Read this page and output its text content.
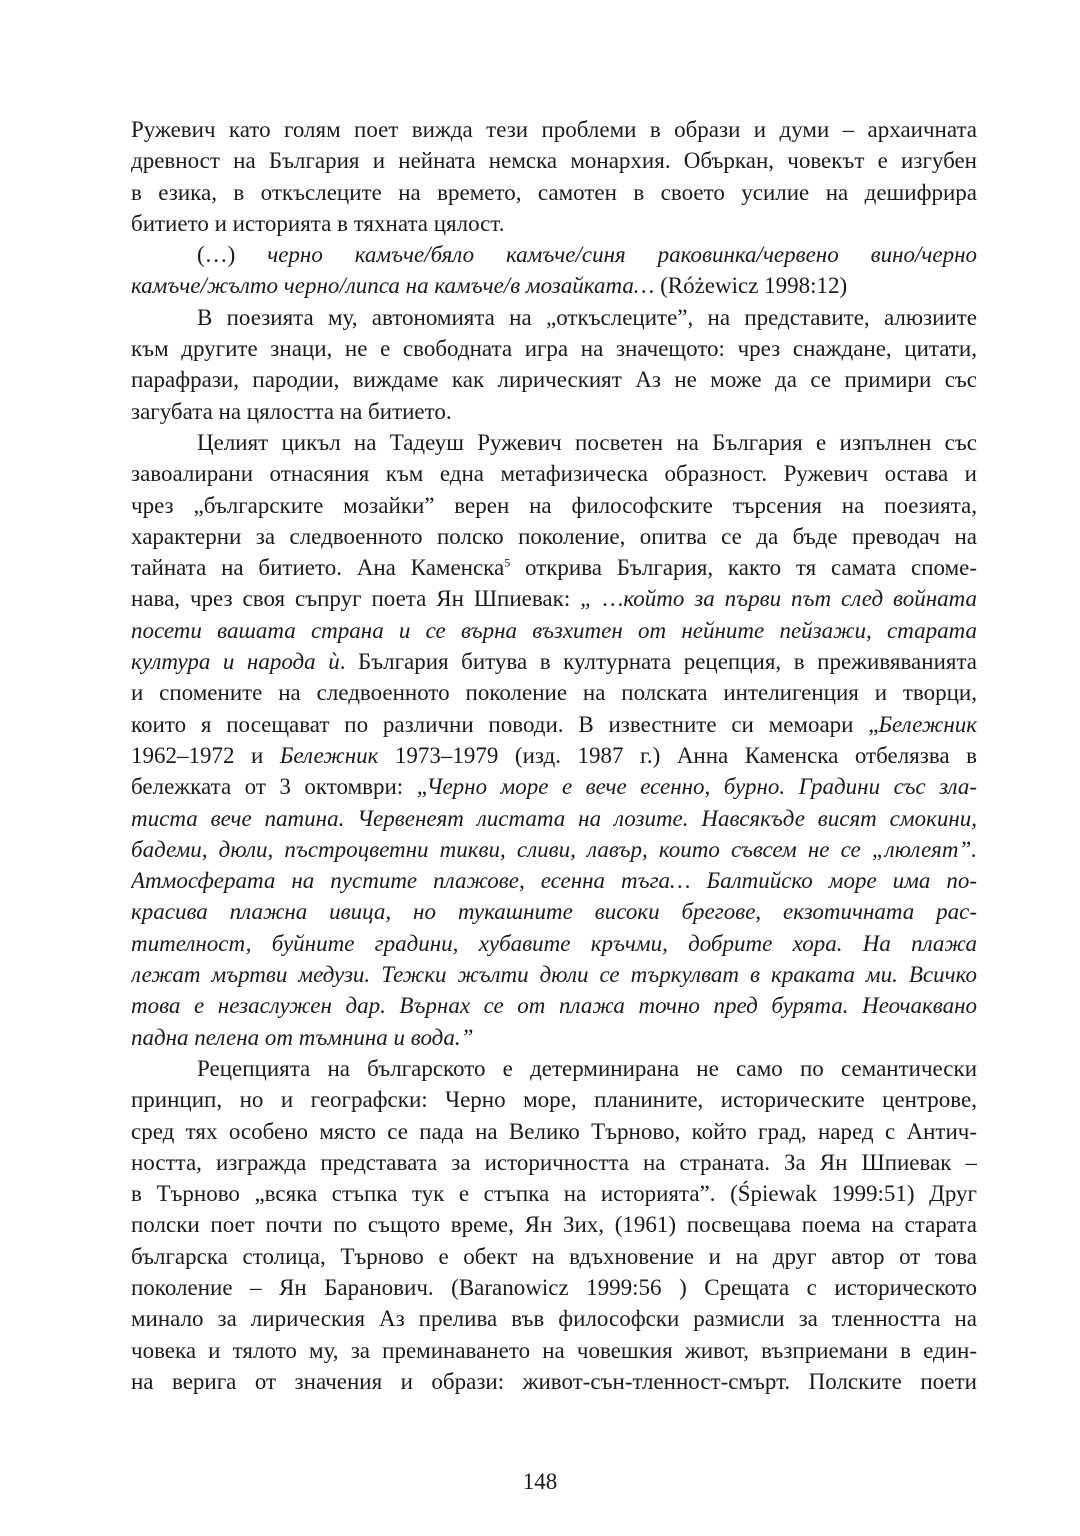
Ружевич като голям поет вижда тези проблеми в образи и думи – архаичната
древност на България и нейната немска монархия. Объркан, човекът е изгубен
в езика, в откъслеците на времето, самотен в своето усилие на дешифрира
битието и историята в тяхната цялост.
(…) черно камъче/бяло камъче/синя раковинка/червено вино/черно
камъче/жълто черно/липса на камъче/в мозайката… (Różewicz 1998:12)
В поезията му, автономията на „откъслеците”, на представите, алюзиите
към другите знаци, не е свободната игра на значещото: чрез снаждане, цитати,
парафрази, пародии, виждаме как лирическият Аз не може да се примири със
загубата на цялостта на битието.
Целият цикъл на Тадеуш Ружевич посветен на България е изпълнен със
завоалирани отнасяния към една метафизическа образност. Ружевич остава и
чрез „българските мозайки” верен на философските търсения на поезията,
характерни за следвоенното полско поколение, опитва се да бъде преводач на
тайната на битието. Ана Каменска$^5$ открива България, както тя самата споме-
нава, чрез своя съпруг поета Ян Шпиевак: „ …който за първи път след войната
посети вашата страна и се върна възхитен от нейните пейзажи, старата
култура и народа ѝ. България битува в културната рецепция, в преживяванията
и спомените на следвоенното поколение на полската интелигенция и творци,
които я посещават по различни поводи. В известните си мемоари „Бележник
1962–1972 и Бележник 1973–1979 (изд. 1987 г.) Анна Каменска отбелязва в
бележката от 3 октомври: „Черно море е вече есенно, бурно. Градини със зла-
тиста вече патина. Червенеят листата на лозите. Навсякъде висят смокини,
бадеми, дюли, пъстроцветни тикви, сливи, лавър, които съвсем не се „люлеят”.
Атмосферата на пустите плажове, есенна тъга… Балтийско море има по-
красива плажна ивица, но тукашните високи брегове, екзотичната рас-
тителност, буйните градини, хубавите кръчми, добрите хора. На плажа
лежат мъртви медузи. Тежки жълти дюли се търкулват в краката ми. Всичко
това е незаслужен дар. Върнах се от плажа точно пред бурята. Неочаквано
падна пелена от тъмнина и вода.”
Рецепцията на българското е детерминирана не само по семантически
принцип, но и географски: Черно море, планините, историческите центрове,
сред тях особено място се пада на Велико Търново, който град, наред с Антич-
ността, изгражда представата за историчността на страната. За Ян Шпиевак –
в Търново „всяка стъпка тук е стъпка на историята”. (Śpiewak 1999:51) Друг
полски поет почти по същото време, Ян Зих, (1961) посвещава поема на старата
българска столица, Търново е обект на вдъхновение и на друг автор от това
поколение – Ян Баранович. (Baranowicz 1999:56 ) Срещата с историческото
минало за лирическия Аз прелива във философски размисли за тленността на
човека и тялото му, за преминаването на човешкия живот, възприемани в един-
на верига от значения и образи: живот-сън-тленност-смърт. Полските поети
148
